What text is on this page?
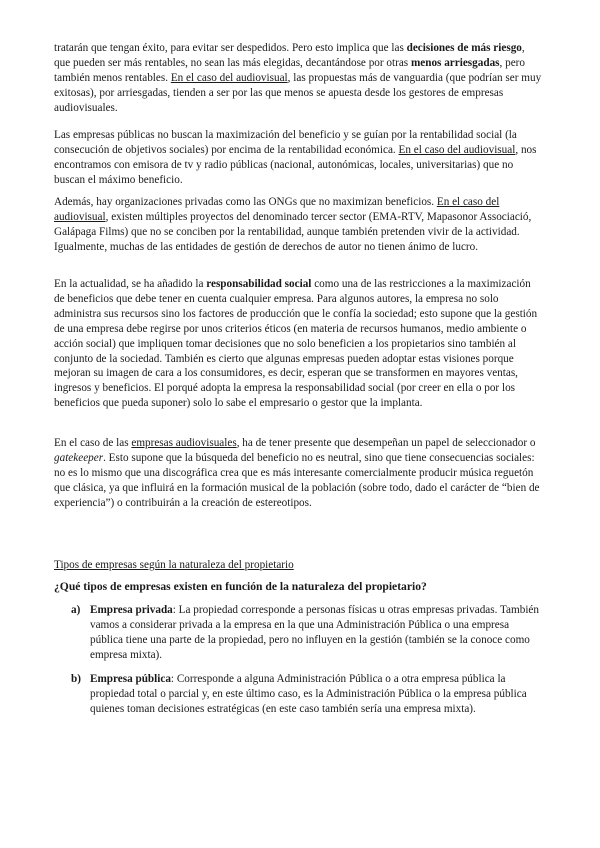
tratarán que tengan éxito, para evitar ser despedidos. Pero esto implica que las decisiones de más riesgo, que pueden ser más rentables, no sean las más elegidas, decantándose por otras menos arriesgadas, pero también menos rentables. En el caso del audiovisual, las propuestas más de vanguardia (que podrían ser muy exitosas), por arriesgadas, tienden a ser por las que menos se apuesta desde los gestores de empresas audiovisuales.

Las empresas públicas no buscan la maximización del beneficio y se guían por la rentabilidad social (la consecución de objetivos sociales) por encima de la rentabilidad económica. En el caso del audiovisual, nos encontramos con emisora de tv y radio públicas (nacional, autonómicas, locales, universitarias) que no buscan el máximo beneficio.

Además, hay organizaciones privadas como las ONGs que no maximizan beneficios. En el caso del audiovisual, existen múltiples proyectos del denominado tercer sector (EMA-RTV, Mapasonor Associació, Galápaga Films) que no se conciben por la rentabilidad, aunque también pretenden vivir de la actividad. Igualmente, muchas de las entidades de gestión de derechos de autor no tienen ánimo de lucro.

En la actualidad, se ha añadido la responsabilidad social como una de las restricciones a la maximización de beneficios que debe tener en cuenta cualquier empresa. Para algunos autores, la empresa no solo administra sus recursos sino los factores de producción que le confía la sociedad; esto supone que la gestión de una empresa debe regirse por unos criterios éticos (en materia de recursos humanos, medio ambiente o acción social) que impliquen tomar decisiones que no solo beneficien a los propietarios sino también al conjunto de la sociedad. También es cierto que algunas empresas pueden adoptar estas visiones porque mejoran su imagen de cara a los consumidores, es decir, esperan que se transformen en mayores ventas, ingresos y beneficios. El porqué adopta la empresa la responsabilidad social (por creer en ella o por los beneficios que pueda suponer) solo lo sabe el empresario o gestor que la implanta.

En el caso de las empresas audiovisuales, ha de tener presente que desempeñan un papel de seleccionador o gatekeeper. Esto supone que la búsqueda del beneficio no es neutral, sino que tiene consecuencias sociales: no es lo mismo que una discográfica crea que es más interesante comercialmente producir música reguetón que clásica, ya que influirá en la formación musical de la población (sobre todo, dado el carácter de “bien de experiencia”) o contribuirán a la creación de estereotipos.

Tipos de empresas según la naturaleza del propietario
¿Qué tipos de empresas existen en función de la naturaleza del propietario?
a) Empresa privada: La propiedad corresponde a personas físicas u otras empresas privadas. También vamos a considerar privada a la empresa en la que una Administración Pública o una empresa pública tiene una parte de la propiedad, pero no influyen en la gestión (también se la conoce como empresa mixta).
b) Empresa pública: Corresponde a alguna Administración Pública o a otra empresa pública la propiedad total o parcial y, en este último caso, es la Administración Pública o la empresa pública quienes toman decisiones estratégicas (en este caso también sería una empresa mixta).
